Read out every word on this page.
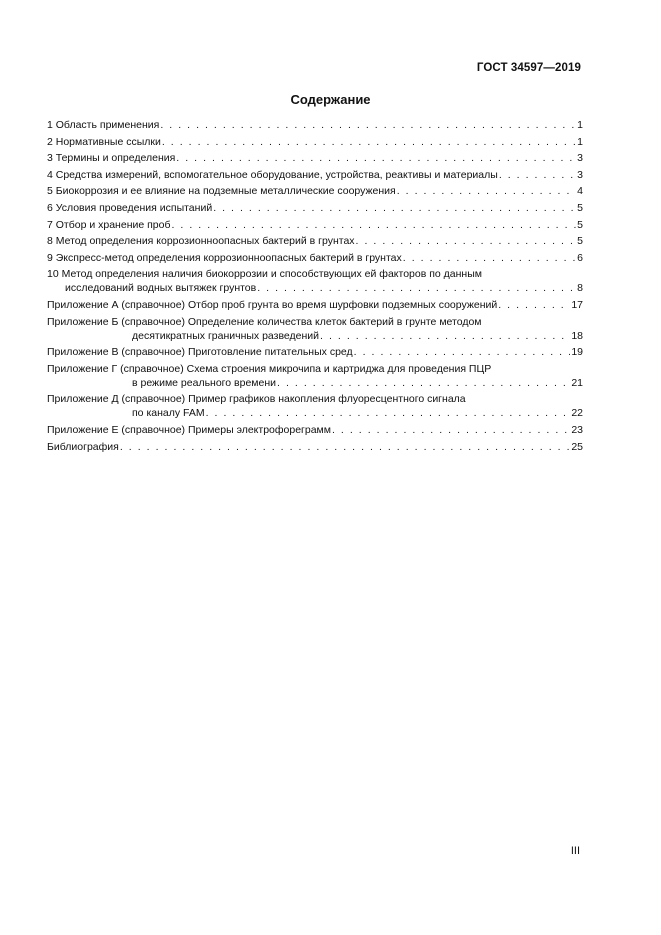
ГОСТ 34597—2019
Содержание
1 Область применения . . .	1
2 Нормативные ссылки . . .	1
3 Термины и определения . . .	3
4 Средства измерений, вспомогательное оборудование, устройства, реактивы и материалы . . .	3
5 Биокоррозия и ее влияние на подземные металлические сооружения . . .	4
6 Условия проведения испытаний . . .	5
7 Отбор и хранение проб . . .	5
8 Метод определения коррозионноопасных бактерий в грунтах . . .	5
9 Экспресс-метод определения коррозионноопасных бактерий в грунтах . . .	6
10 Метод определения наличия биокоррозии и способствующих ей факторов по данным
исследований водных вытяжек грунтов . . .	8
Приложение А (справочное) Отбор проб грунта во время шурфовки подземных сооружений . . .	17
Приложение Б (справочное) Определение количества клеток бактерий в грунте методом
десятикратных граничных разведений . . .	18
Приложение В (справочное) Приготовление питательных сред . . .	19
Приложение Г (справочное) Схема строения микрочипа и картриджа для проведения ПЦР
в режиме реального времени . . .	21
Приложение Д (справочное) Пример графиков накопления флуоресцентного сигнала
по каналу FAM . . .	22
Приложение Е (справочное) Примеры электрофореграмм . . .	23
Библиография . . .	25
III
